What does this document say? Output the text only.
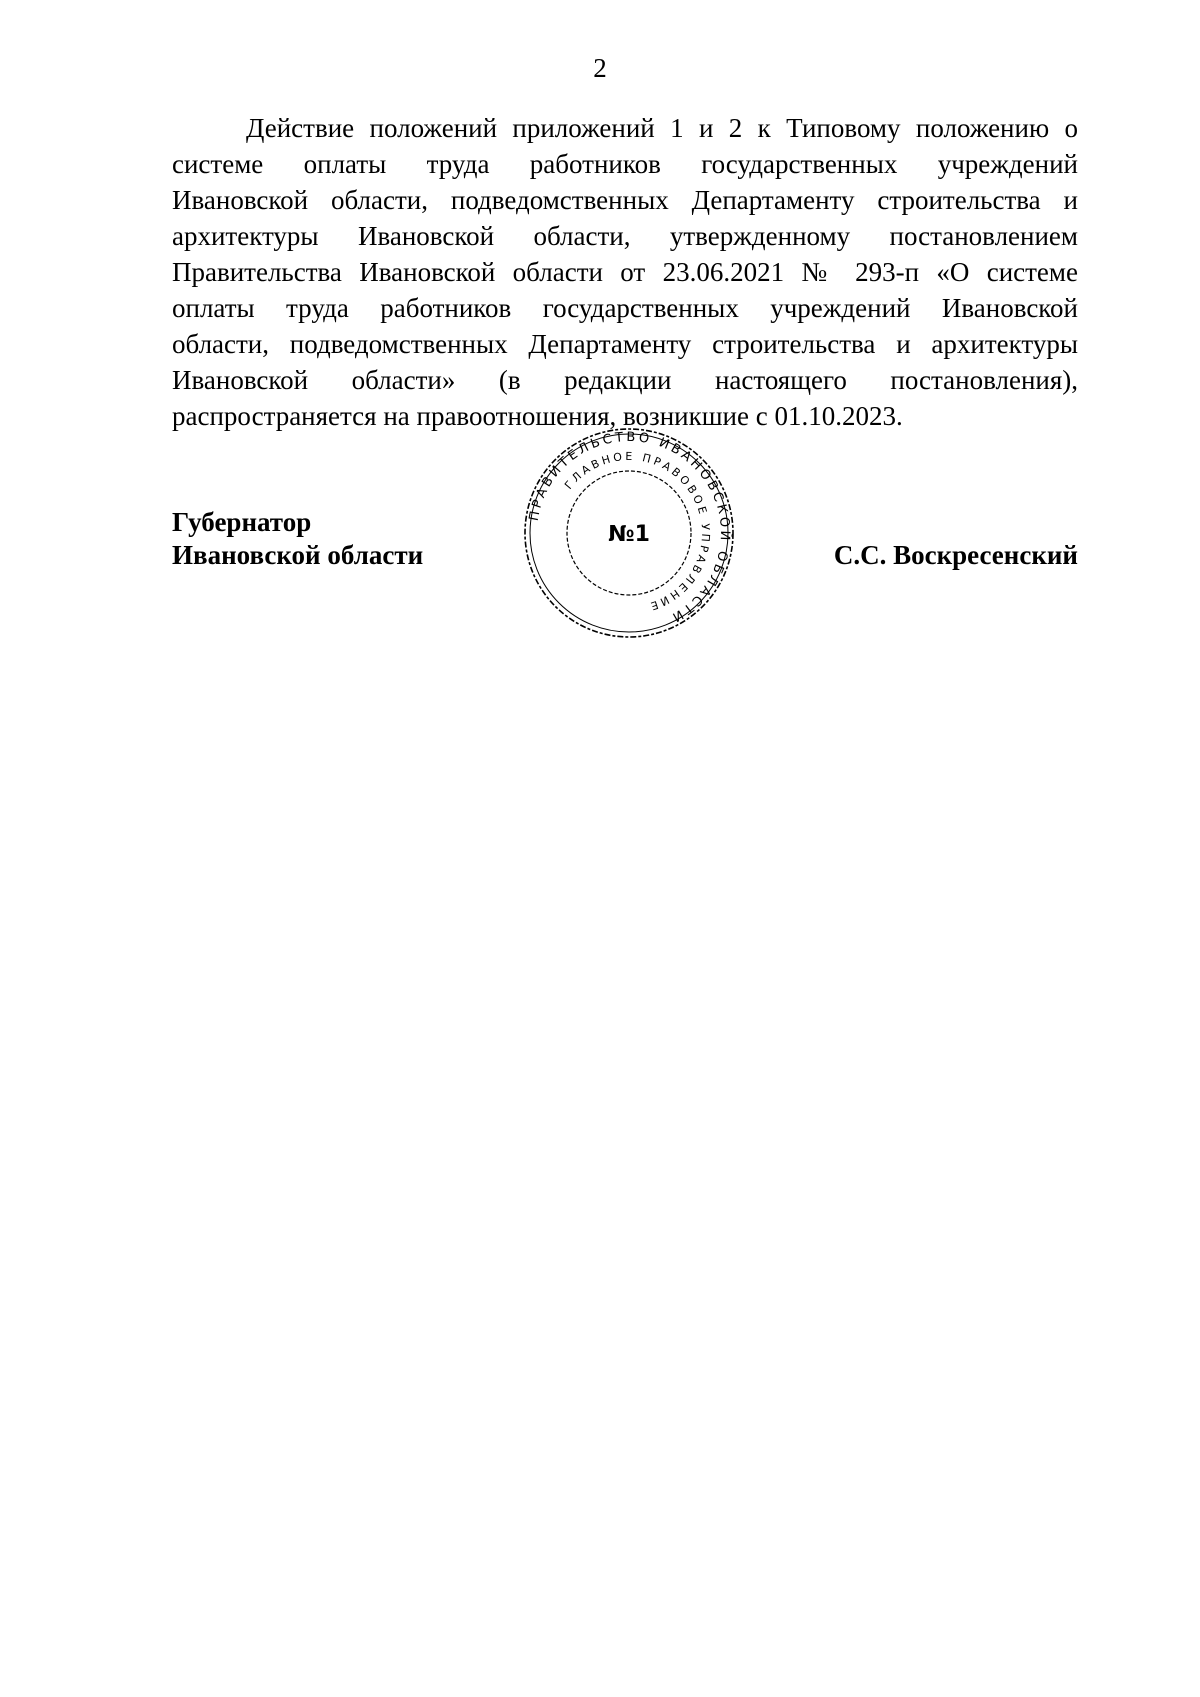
2
Действие положений приложений 1 и 2 к Типовому положению о
системе оплаты труда работников государственных учреждений
Ивановской области, подведомственных Департаменту строительства и
архитектуры Ивановской области, утвержденному постановлением
Правительства Ивановской области от 23.06.2021 № 293-п «О системе
оплаты труда работников государственных учреждений Ивановской
области, подведомственных Департаменту строительства и архитектуры
Ивановской области» (в редакции настоящего постановления),
распространяется на правоотношения, возникшие с 01.10.2023.
Губернатор
Ивановской области	С.С. Воскресенский
ПРАВИТЕЛЬСТВО ИВАНОВСКОЙ ОБЛАСТИ
ГЛАВНОЕ ПРАВОВОЕ УПРАВЛЕНИЕ
№1
